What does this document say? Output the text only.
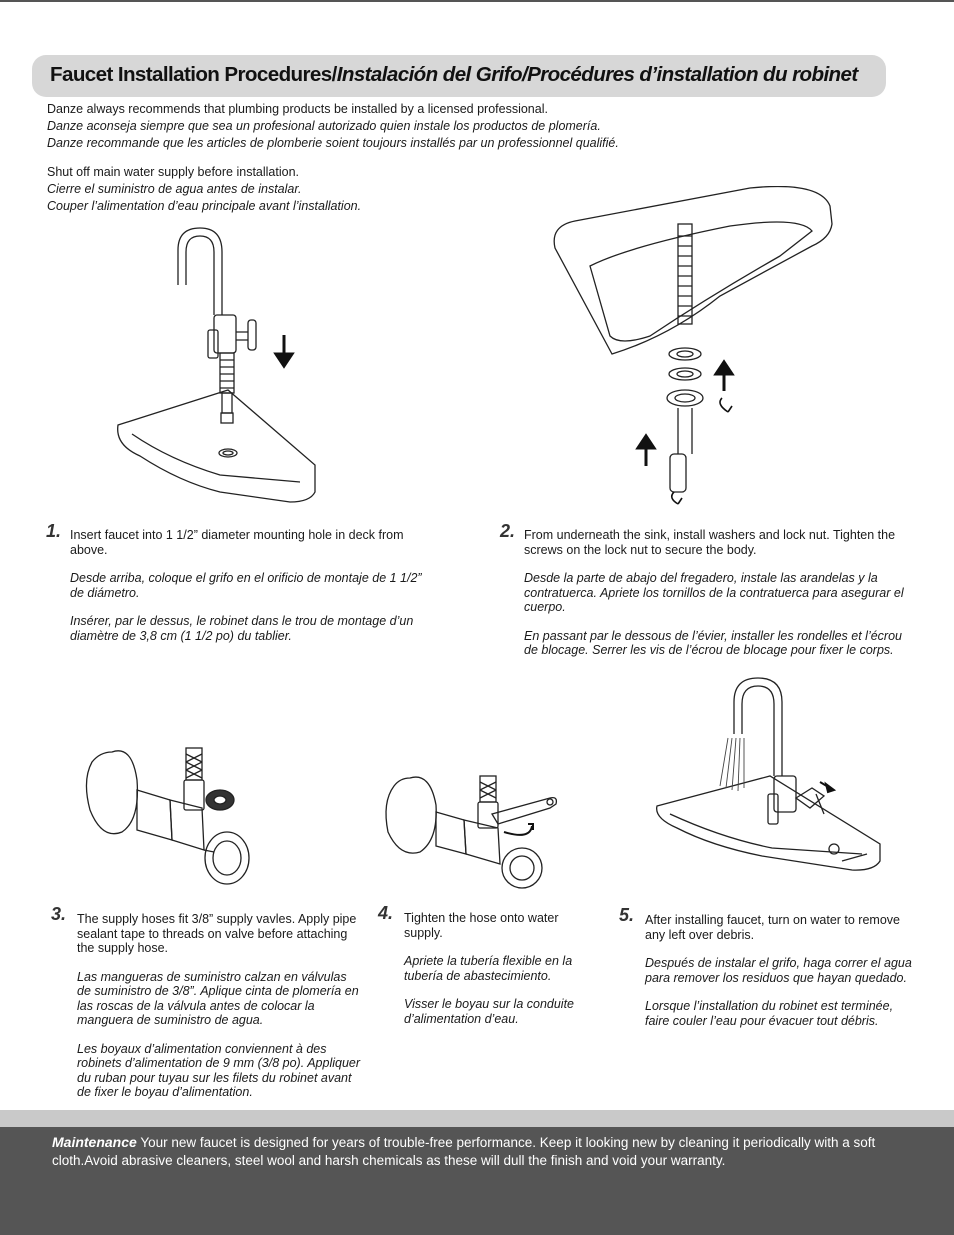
Faucet Installation Procedures/Instalación del Grifo/Procédures d’installation du robinet
Danze always recommends that plumbing products be installed by a licensed professional.
Danze aconseja siempre que sea un profesional autorizado quien instale los productos de plomería.
Danze recommande que les articles de plomberie soient toujours installés par un professionnel qualifié.
Shut off main water supply before installation.
Cierre el suministro de agua antes de instalar.
Couper l’alimentation d’eau principale avant l’installation.
1. Insert faucet into 1 1/2” diameter mounting hole in deck from above.

Desde arriba, coloque el grifo en el orificio de montaje de 1 1/2” de diámetro.

Insérer, par le dessus, le robinet dans le trou de montage d’un diamètre de 3,8 cm (1 1/2 po) du tablier.

2. From underneath the sink, install washers and lock nut. Tighten the screws on the lock nut to secure the body.

Desde la parte de abajo del fregadero, instale las arandelas y la contratuerca. Apriete los tornillos de la contratuerca para asegurar el cuerpo.

En passant par le dessous de l’évier, installer les rondelles et l’écrou de blocage. Serrer les vis de l’écrou de blocage pour fixer le corps.

3. The supply hoses fit 3/8” supply vavles. Apply pipe sealant tape to threads on valve before attaching the supply hose.

Las mangueras de suministro calzan en válvulas de suministro de 3/8”. Aplique cinta de plomería en las roscas de la válvula antes de colocar la manguera de suministro de agua.

Les boyaux d’alimentation conviennent à des robinets d’alimentation de 9 mm (3/8 po). Appliquer du ruban pour tuyau sur les filets du robinet avant de fixer le boyau d’alimentation.

4. Tighten the hose onto water supply.

Apriete la tubería flexible en la tubería de abastecimiento.

Visser le boyau sur la conduite d’alimentation d’eau.

5. After installing faucet, turn on water to remove any left over debris.

Después de instalar el grifo, haga correr el agua para remover los residuos que hayan quedado.

Lorsque l’installation du robinet est terminée, faire couler l’eau pour évacuer tout débris.

Maintenance Your new faucet is designed for years of trouble-free performance. Keep it looking new by cleaning it periodically with a soft cloth.Avoid abrasive cleaners, steel wool and harsh chemicals as these will dull the finish and void your warranty.
